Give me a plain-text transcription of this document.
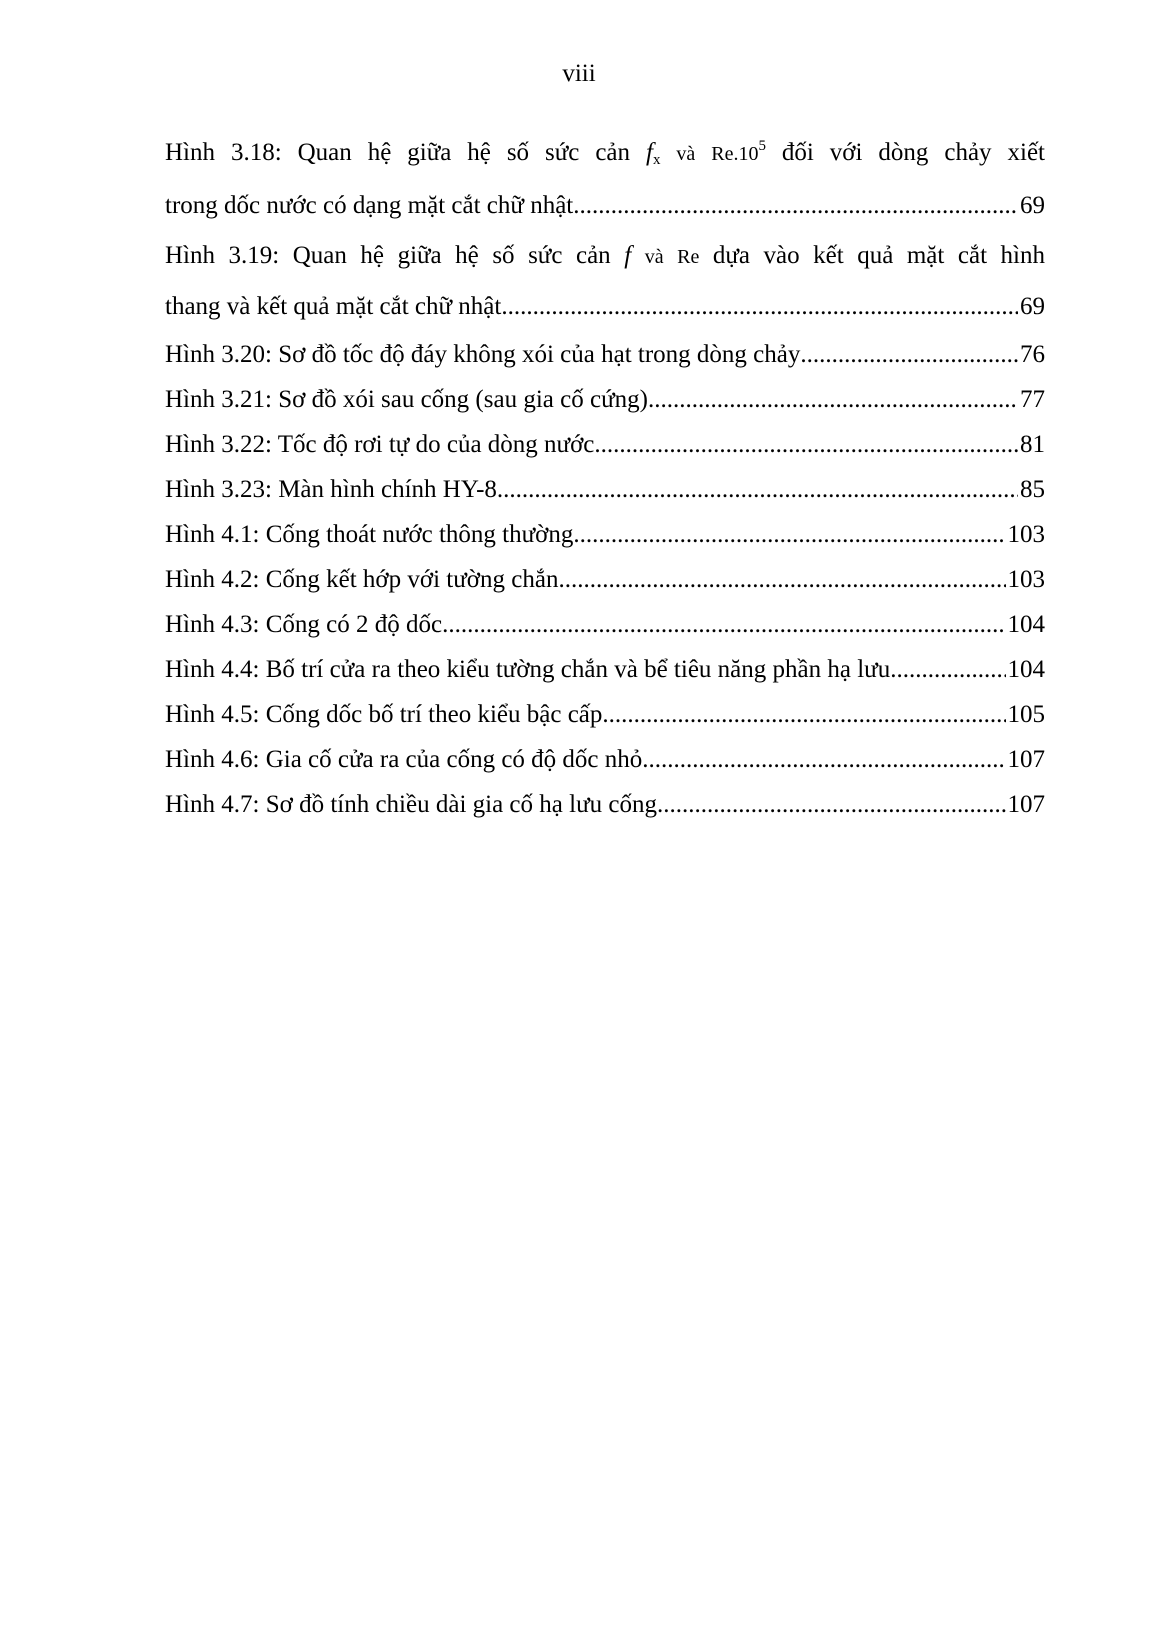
viii
Hình 3.18: Quan hệ giữa hệ số sức cản $f_x$ và $Re.10^5$ đối với dòng chảy xiết
trong dốc nước có dạng mặt cắt chữ nhật .....	69
Hình 3.19: Quan hệ giữa hệ số sức cản f và Re dựa vào kết quả mặt cắt hình
thang và kết quả mặt cắt chữ nhật .....	69
Hình 3.20: Sơ đồ tốc độ đáy không xói của hạt trong dòng chảy .....	76
Hình 3.21: Sơ đồ xói sau cống (sau gia cố cứng) .....	77
Hình 3.22: Tốc độ rơi tự do của dòng nước .....	81
Hình 3.23: Màn hình chính HY-8 .....	85
Hình 4.1: Cống thoát nước thông thường .....	103
Hình 4.2: Cống kết hớp với tường chắn .....	103
Hình 4.3: Cống có 2 độ dốc .....	104
Hình 4.4: Bố trí cửa ra theo kiểu tường chắn và bể tiêu năng phần hạ lưu .....	104
Hình 4.5: Cống dốc bố trí theo kiểu bậc cấp .....	105
Hình 4.6: Gia cố cửa ra của cống có độ dốc nhỏ .....	107
Hình 4.7: Sơ đồ tính chiều dài gia cố hạ lưu cống .....	107
